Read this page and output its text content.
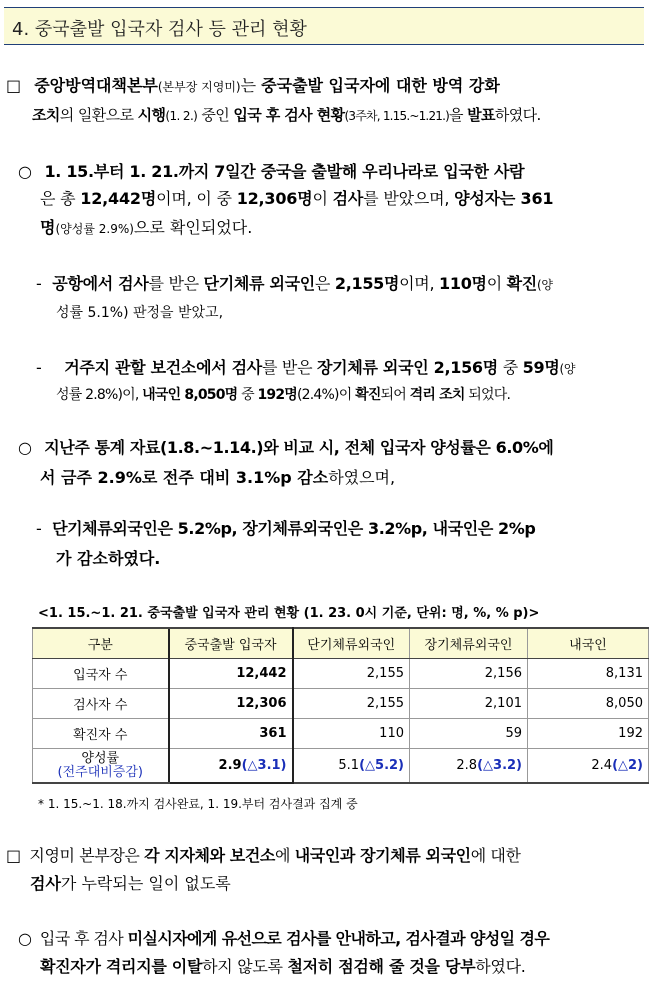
4. 중국출발 입국자 검사 등 관리 현황
□ 중앙방역대책본부(본부장 지영미)는 중국출발 입국자에 대한 방역 강화
조치의 일환으로 시행(1. 2.) 중인 입국 후 검사 현황(3주차, 1.15.~1.21.)을 발표하였다.
○ 1. 15.부터 1. 21.까지 7일간 중국을 출발해 우리나라로 입국한 사람
은 총 12,442명이며, 이 중 12,306명이 검사를 받았으며, 양성자는 361
명(양성률 2.9%)으로 확인되었다.
- 공항에서 검사를 받은 단기체류 외국인은 2,155명이며, 110명이 확진(양
성률 5.1%) 판정을 받았고,
- 거주지 관할 보건소에서 검사를 받은 장기체류 외국인 2,156명 중 59명(양
성률 2.8%)이, 내국인 8,050명 중 192명(2.4%)이 확진되어 격리 조치 되었다.
○ 지난주 통계 자료(1.8.~1.14.)와 비교 시, 전체 입국자 양성률은 6.0%에
서 금주 2.9%로 전주 대비 3.1%p 감소하였으며,
- 단기체류외국인은 5.2%p, 장기체류외국인은 3.2%p, 내국인은 2%p
가 감소하였다.
<1. 15.~1. 21. 중국출발 입국자 관리 현황 (1. 23. 0시 기준, 단위: 명, %, % p)>
구분	중국출발 입국자	단기체류외국인	장기체류외국인	내국인
입국자 수	12,442	2,155	2,156	8,131
검사자 수	12,306	2,155	2,101	8,050
확진자 수	361	110	59	192

양성률
(전주대비증감)	2.9(△3.1)	5.1(△5.2)	2.8(△3.2)	2.4(△2)
* 1. 15.~1. 18.까지 검사완료, 1. 19.부터 검사결과 집계 중
□ 지영미 본부장은 각 지자체와 보건소에 내국인과 장기체류 외국인에 대한
검사가 누락되는 일이 없도록
○ 입국 후 검사 미실시자에게 유선으로 검사를 안내하고, 검사결과 양성일 경우
확진자가 격리지를 이탈하지 않도록 철저히 점검해 줄 것을 당부하였다.
